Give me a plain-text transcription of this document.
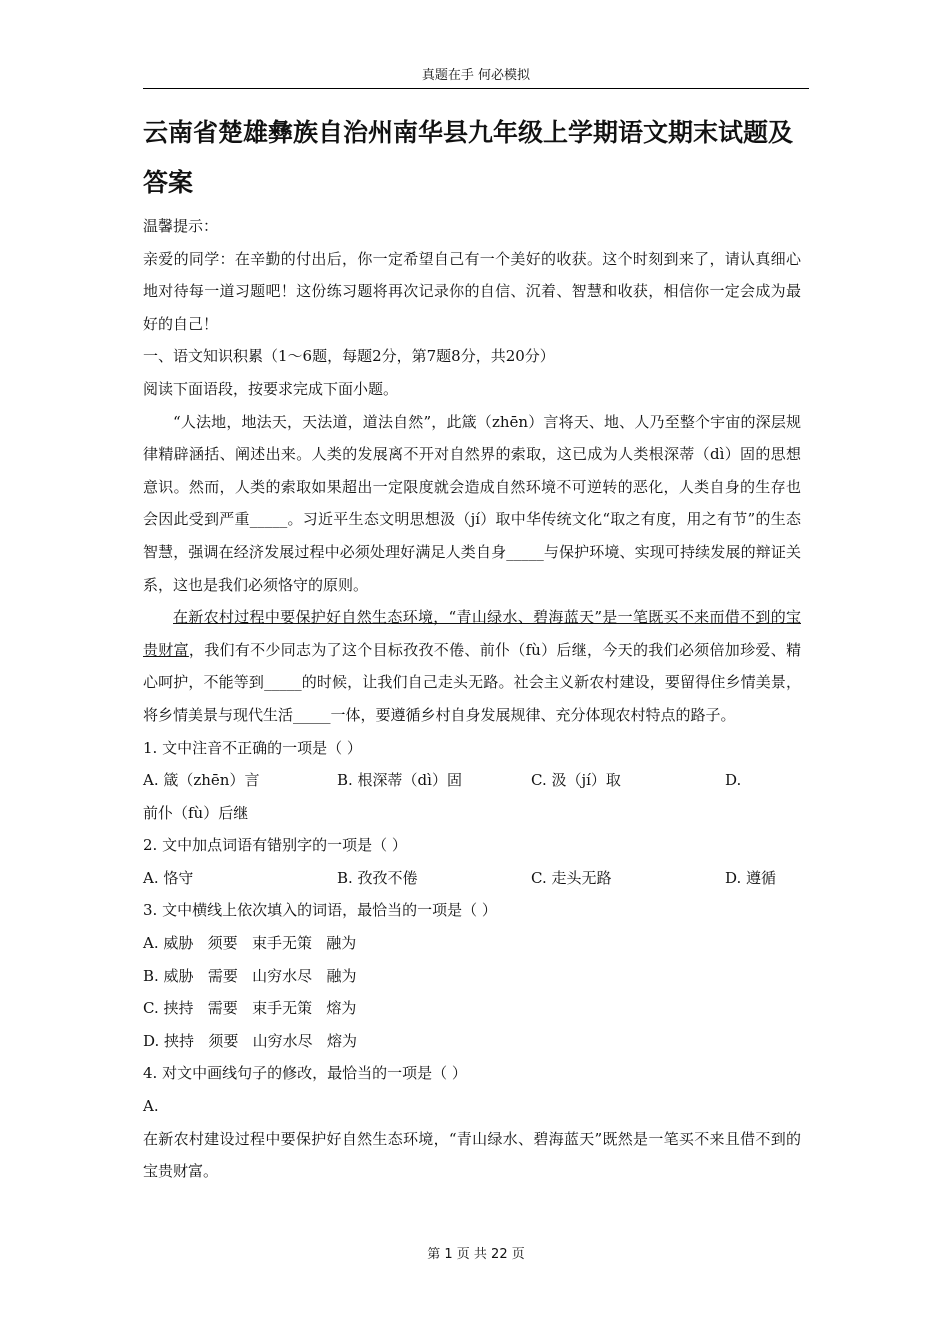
真题在手 何必模拟
云南省楚雄彝族自治州南华县九年级上学期语文期末试题及答案

温馨提示：

亲爱的同学：在辛勤的付出后，你一定希望自己有一个美好的收获。这个时刻到来了，请认真细心地对待每一道习题吧！这份练习题将再次记录你的自信、沉着、智慧和收获，相信你一定会成为最好的自己！

一、语文知识积累（1～6题，每题2分，第7题8分，共20分）

阅读下面语段，按要求完成下面小题。

“人法地，地法天，天法道，道法自然”，此箴（zhēn）言将天、地、人乃至整个宇宙的深层规律精辟涵括、阐述出来。人类的发展离不开对自然界的索取，这已成为人类根深蒂（dì）固的思想意识。然而，人类的索取如果超出一定限度就会造成自然环境不可逆转的恶化，人类自身的生存也会因此受到严重_____。习近平生态文明思想汲（jí）取中华传统文化“取之有度，用之有节”的生态智慧，强调在经济发展过程中必须处理好满足人类自身_____与保护环境、实现可持续发展的辩证关系，这也是我们必须恪守的原则。

在新农村过程中要保护好自然生态环境，“青山绿水、碧海蓝天”是一笔既买不来而借不到的宝贵财富，我们有不少同志为了这个目标孜孜不倦、前仆（fù）后继，今天的我们必须倍加珍爱、精心呵护，不能等到_____的时候，让我们自己走头无路。社会主义新农村建设，要留得住乡情美景，将乡情美景与现代生活_____一体，要遵循乡村自身发展规律、充分体现农村特点的路子。

1. 文中注音不正确的一项是（ ）

A. 箴（zhēn）言	B. 根深蒂（dì）固	C. 汲（jí）取	D.

前仆（fù）后继

2. 文中加点词语有错别字的一项是（ ）

A. 恪守	B. 孜孜不倦	C. 走头无路	D. 遵循

3. 文中横线上依次填入的词语，最恰当的一项是（ ）

A. 威胁   须要   束手无策   融为

B. 威胁   需要   山穷水尽   融为

C. 挟持   需要   束手无策   熔为

D. 挟持   须要   山穷水尽   熔为

4. 对文中画线句子的修改，最恰当的一项是（ ）

A.

在新农村建设过程中要保护好自然生态环境，“青山绿水、碧海蓝天”既然是一笔买不来且借不到的宝贵财富。

第 1 页 共 22 页
